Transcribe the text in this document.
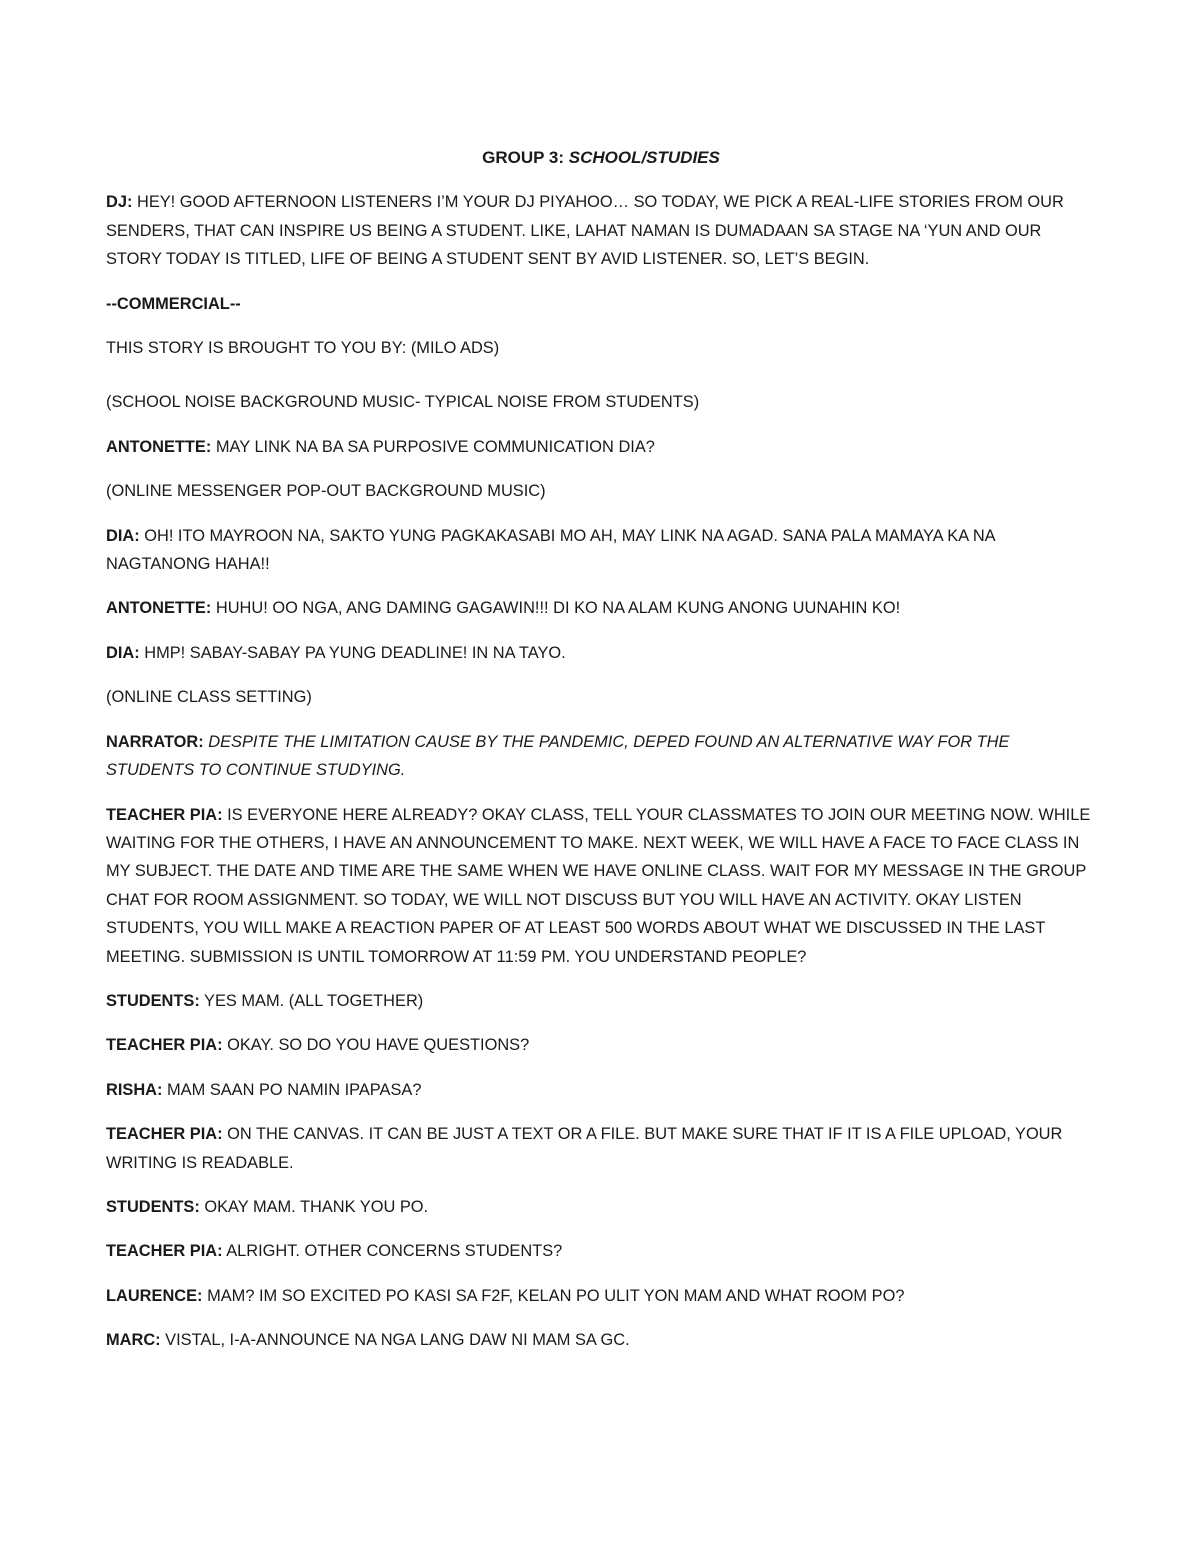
GROUP 3: SCHOOL/STUDIES

DJ: HEY! GOOD AFTERNOON LISTENERS I’M YOUR DJ PIYAHOO… SO TODAY, WE PICK A REAL-LIFE STORIES FROM OUR SENDERS, THAT CAN INSPIRE US BEING A STUDENT. LIKE, LAHAT NAMAN IS DUMADAAN SA STAGE NA ‘YUN AND OUR STORY TODAY IS TITLED, LIFE OF BEING A STUDENT SENT BY AVID LISTENER. SO, LET’S BEGIN.

--COMMERCIAL--

THIS STORY IS BROUGHT TO YOU BY: (MILO ADS)

(SCHOOL NOISE BACKGROUND MUSIC- TYPICAL NOISE FROM STUDENTS)

ANTONETTE: MAY LINK NA BA SA PURPOSIVE COMMUNICATION DIA?

(ONLINE MESSENGER POP-OUT BACKGROUND MUSIC)

DIA: OH! ITO MAYROON NA, SAKTO YUNG PAGKAKASABI MO AH, MAY LINK NA AGAD. SANA PALA MAMAYA KA NA NAGTANONG HAHA!!

ANTONETTE: HUHU! OO NGA, ANG DAMING GAGAWIN!!! DI KO NA ALAM KUNG ANONG UUNAHIN KO!

DIA: HMP! SABAY-SABAY PA YUNG DEADLINE! IN NA TAYO.

(ONLINE CLASS SETTING)

NARRATOR: DESPITE THE LIMITATION CAUSE BY THE PANDEMIC, DEPED FOUND AN ALTERNATIVE WAY FOR THE STUDENTS TO CONTINUE STUDYING.

TEACHER PIA: IS EVERYONE HERE ALREADY? OKAY CLASS, TELL YOUR CLASSMATES TO JOIN OUR MEETING NOW. WHILE WAITING FOR THE OTHERS, I HAVE AN ANNOUNCEMENT TO MAKE. NEXT WEEK, WE WILL HAVE A FACE TO FACE CLASS IN MY SUBJECT. THE DATE AND TIME ARE THE SAME WHEN WE HAVE ONLINE CLASS. WAIT FOR MY MESSAGE IN THE GROUP CHAT FOR ROOM ASSIGNMENT. SO TODAY, WE WILL NOT DISCUSS BUT YOU WILL HAVE AN ACTIVITY. OKAY LISTEN STUDENTS, YOU WILL MAKE A REACTION PAPER OF AT LEAST 500 WORDS ABOUT WHAT WE DISCUSSED IN THE LAST MEETING. SUBMISSION IS UNTIL TOMORROW AT 11:59 PM. YOU UNDERSTAND PEOPLE?

STUDENTS: YES MAM. (ALL TOGETHER)

TEACHER PIA: OKAY. SO DO YOU HAVE QUESTIONS?

RISHA: MAM SAAN PO NAMIN IPAPASA?

TEACHER PIA: ON THE CANVAS. IT CAN BE JUST A TEXT OR A FILE. BUT MAKE SURE THAT IF IT IS A FILE UPLOAD, YOUR WRITING IS READABLE.

STUDENTS: OKAY MAM. THANK YOU PO.

TEACHER PIA: ALRIGHT. OTHER CONCERNS STUDENTS?

LAURENCE: MAM? IM SO EXCITED PO KASI SA F2F, KELAN PO ULIT YON MAM AND WHAT ROOM PO?

MARC: VISTAL, I-A-ANNOUNCE NA NGA LANG DAW NI MAM SA GC.
